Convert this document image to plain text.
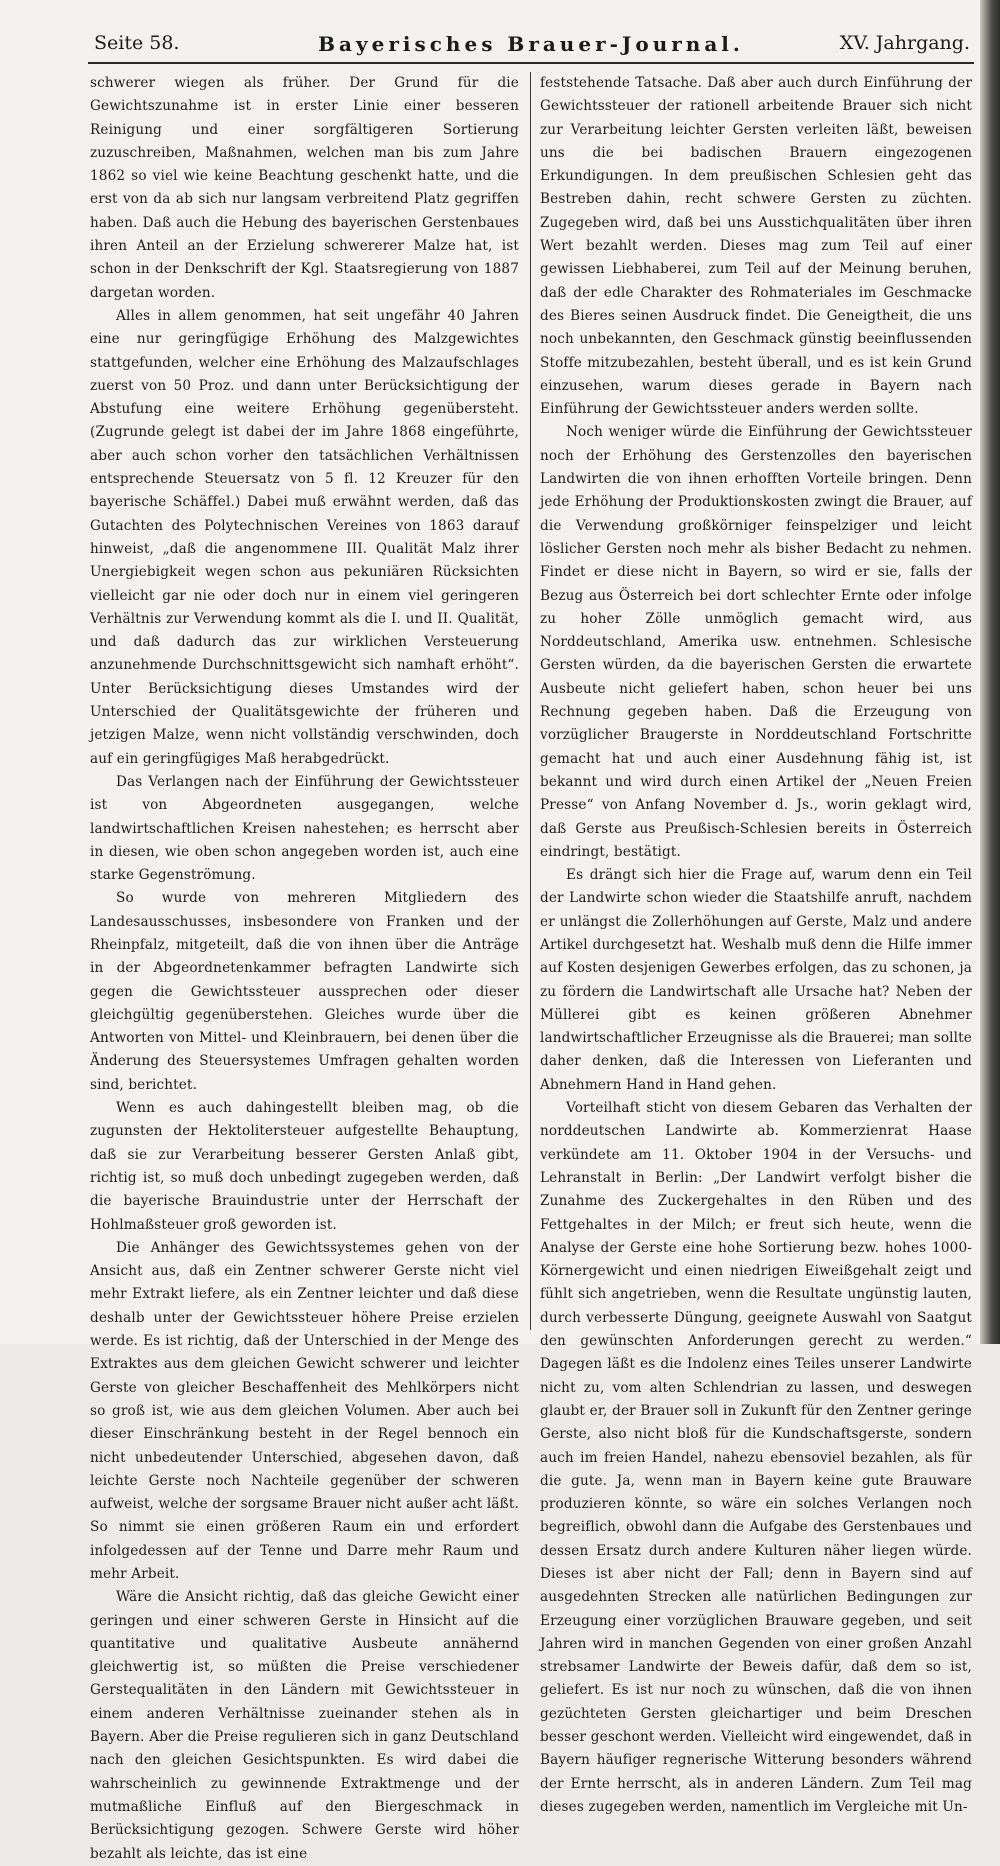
Seite 58.	Bayerisches Brauer-Journal.	XV. Jahrgang.

schwerer wiegen als früher. Der Grund für die Gewichtszunahme ist in erster Linie einer besseren Reinigung und einer sorgfältigeren Sortierung zuzuschreiben, Maßnahmen, welchen man bis zum Jahre 1862 so viel wie keine Beachtung geschenkt hatte, und die erst von da ab sich nur langsam verbreitend Platz gegriffen haben. Daß auch die Hebung des bayerischen Gerstenbaues ihren Anteil an der Erzielung schwererer Malze hat, ist schon in der Denkschrift der Kgl. Staatsregierung von 1887 dargetan worden.

Alles in allem genommen, hat seit ungefähr 40 Jahren eine nur geringfügige Erhöhung des Malzgewichtes stattgefunden, welcher eine Erhöhung des Malzaufschlages zuerst von 50 Proz. und dann unter Berücksichtigung der Abstufung eine weitere Erhöhung gegenübersteht. (Zugrunde gelegt ist dabei der im Jahre 1868 eingeführte, aber auch schon vorher den tatsächlichen Verhältnissen entsprechende Steuersatz von 5 fl. 12 Kreuzer für den bayerische Schäffel.) Dabei muß erwähnt werden, daß das Gutachten des Polytechnischen Vereines von 1863 darauf hinweist, „daß die angenommene III. Qualität Malz ihrer Unergiebigkeit wegen schon aus pekuniären Rücksichten vielleicht gar nie oder doch nur in einem viel geringeren Verhältnis zur Verwendung kommt als die I. und II. Qualität, und daß dadurch das zur wirklichen Versteuerung anzunehmende Durchschnittsgewicht sich namhaft erhöht“. Unter Berücksichtigung dieses Umstandes wird der Unterschied der Qualitätsgewichte der früheren und jetzigen Malze, wenn nicht vollständig verschwinden, doch auf ein geringfügiges Maß herabgedrückt.

Das Verlangen nach der Einführung der Gewichtssteuer ist von Abgeordneten ausgegangen, welche landwirtschaftlichen Kreisen nahestehen; es herrscht aber in diesen, wie oben schon angegeben worden ist, auch eine starke Gegenströmung.

So wurde von mehreren Mitgliedern des Landesausschusses, insbesondere von Franken und der Rheinpfalz, mitgeteilt, daß die von ihnen über die Anträge in der Abgeordnetenkammer befragten Landwirte sich gegen die Gewichtssteuer aussprechen oder dieser gleichgültig gegenüberstehen. Gleiches wurde über die Antworten von Mittel- und Kleinbrauern, bei denen über die Änderung des Steuersystemes Umfragen gehalten worden sind, berichtet.

Wenn es auch dahingestellt bleiben mag, ob die zugunsten der Hektolitersteuer aufgestellte Behauptung, daß sie zur Verarbeitung besserer Gersten Anlaß gibt, richtig ist, so muß doch unbedingt zugegeben werden, daß die bayerische Brauindustrie unter der Herrschaft der Hohlmaßsteuer groß geworden ist.

Die Anhänger des Gewichtssystemes gehen von der Ansicht aus, daß ein Zentner schwerer Gerste nicht viel mehr Extrakt liefere, als ein Zentner leichter und daß diese deshalb unter der Gewichtssteuer höhere Preise erzielen werde. Es ist richtig, daß der Unterschied in der Menge des Extraktes aus dem gleichen Gewicht schwerer und leichter Gerste von gleicher Beschaffenheit des Mehlkörpers nicht so groß ist, wie aus dem gleichen Volumen. Aber auch bei dieser Einschränkung besteht in der Regel bennoch ein nicht unbedeutender Unterschied, abgesehen davon, daß leichte Gerste noch Nachteile gegenüber der schweren aufweist, welche der sorgsame Brauer nicht außer acht läßt. So nimmt sie einen größeren Raum ein und erfordert infolgedessen auf der Tenne und Darre mehr Raum und mehr Arbeit.

Wäre die Ansicht richtig, daß das gleiche Gewicht einer geringen und einer schweren Gerste in Hinsicht auf die quantitative und qualitative Ausbeute annähernd gleichwertig ist, so müßten die Preise verschiedener Gerstequalitäten in den Ländern mit Gewichtssteuer in einem anderen Verhältnisse zueinander stehen als in Bayern. Aber die Preise regulieren sich in ganz Deutschland nach den gleichen Gesichtspunkten. Es wird dabei die wahrscheinlich zu gewinnende Extraktmenge und der mutmaßliche Einfluß auf den Biergeschmack in Berücksichtigung gezogen. Schwere Gerste wird höher bezahlt als leichte, das ist eine

feststehende Tatsache. Daß aber auch durch Einführung der Gewichtssteuer der rationell arbeitende Brauer sich nicht zur Verarbeitung leichter Gersten verleiten läßt, beweisen uns die bei badischen Brauern eingezogenen Erkundigungen. In dem preußischen Schlesien geht das Bestreben dahin, recht schwere Gersten zu züchten. Zugegeben wird, daß bei uns Ausstichqualitäten über ihren Wert bezahlt werden. Dieses mag zum Teil auf einer gewissen Liebhaberei, zum Teil auf der Meinung beruhen, daß der edle Charakter des Rohmateriales im Geschmacke des Bieres seinen Ausdruck findet. Die Geneigtheit, die uns noch unbekannten, den Geschmack günstig beeinflussenden Stoffe mitzubezahlen, besteht überall, und es ist kein Grund einzusehen, warum dieses gerade in Bayern nach Einführung der Gewichtssteuer anders werden sollte.

Noch weniger würde die Einführung der Gewichtssteuer noch der Erhöhung des Gerstenzolles den bayerischen Landwirten die von ihnen erhofften Vorteile bringen. Denn jede Erhöhung der Produktionskosten zwingt die Brauer, auf die Verwendung großkörniger feinspelziger und leicht löslicher Gersten noch mehr als bisher Bedacht zu nehmen. Findet er diese nicht in Bayern, so wird er sie, falls der Bezug aus Österreich bei dort schlechter Ernte oder infolge zu hoher Zölle unmöglich gemacht wird, aus Norddeutschland, Amerika usw. entnehmen. Schlesische Gersten würden, da die bayerischen Gersten die erwartete Ausbeute nicht geliefert haben, schon heuer bei uns Rechnung gegeben haben. Daß die Erzeugung von vorzüglicher Braugerste in Norddeutschland Fortschritte gemacht hat und auch einer Ausdehnung fähig ist, ist bekannt und wird durch einen Artikel der „Neuen Freien Presse“ von Anfang November d. Js., worin geklagt wird, daß Gerste aus Preußisch-Schlesien bereits in Österreich eindringt, bestätigt.

Es drängt sich hier die Frage auf, warum denn ein Teil der Landwirte schon wieder die Staatshilfe anruft, nachdem er unlängst die Zollerhöhungen auf Gerste, Malz und andere Artikel durchgesetzt hat. Weshalb muß denn die Hilfe immer auf Kosten desjenigen Gewerbes erfolgen, das zu schonen, ja zu fördern die Landwirtschaft alle Ursache hat? Neben der Müllerei gibt es keinen größeren Abnehmer landwirtschaftlicher Erzeugnisse als die Brauerei; man sollte daher denken, daß die Interessen von Lieferanten und Abnehmern Hand in Hand gehen.

Vorteilhaft sticht von diesem Gebaren das Verhalten der norddeutschen Landwirte ab. Kommerzienrat Haase verkündete am 11. Oktober 1904 in der Versuchs- und Lehranstalt in Berlin: „Der Landwirt verfolgt bisher die Zunahme des Zuckergehaltes in den Rüben und des Fettgehaltes in der Milch; er freut sich heute, wenn die Analyse der Gerste eine hohe Sortierung bezw. hohes 1000-Körnergewicht und einen niedrigen Eiweißgehalt zeigt und fühlt sich angetrieben, wenn die Resultate ungünstig lauten, durch verbesserte Düngung, geeignete Auswahl von Saatgut den gewünschten Anforderungen gerecht zu werden.“ Dagegen läßt es die Indolenz eines Teiles unserer Landwirte nicht zu, vom alten Schlendrian zu lassen, und deswegen glaubt er, der Brauer soll in Zukunft für den Zentner geringe Gerste, also nicht bloß für die Kundschaftsgerste, sondern auch im freien Handel, nahezu ebensoviel bezahlen, als für die gute. Ja, wenn man in Bayern keine gute Brauware produzieren könnte, so wäre ein solches Verlangen noch begreiflich, obwohl dann die Aufgabe des Gerstenbaues und dessen Ersatz durch andere Kulturen näher liegen würde. Dieses ist aber nicht der Fall; denn in Bayern sind auf ausgedehnten Strecken alle natürlichen Bedingungen zur Erzeugung einer vorzüglichen Brauware gegeben, und seit Jahren wird in manchen Gegenden von einer großen Anzahl strebsamer Landwirte der Beweis dafür, daß dem so ist, geliefert. Es ist nur noch zu wünschen, daß die von ihnen gezüchteten Gersten gleichartiger und beim Dreschen besser geschont werden. Vielleicht wird eingewendet, daß in Bayern häufiger regnerische Witterung besonders während der Ernte herrscht, als in anderen Ländern. Zum Teil mag dieses zugegeben werden, namentlich im Vergleiche mit Un-
